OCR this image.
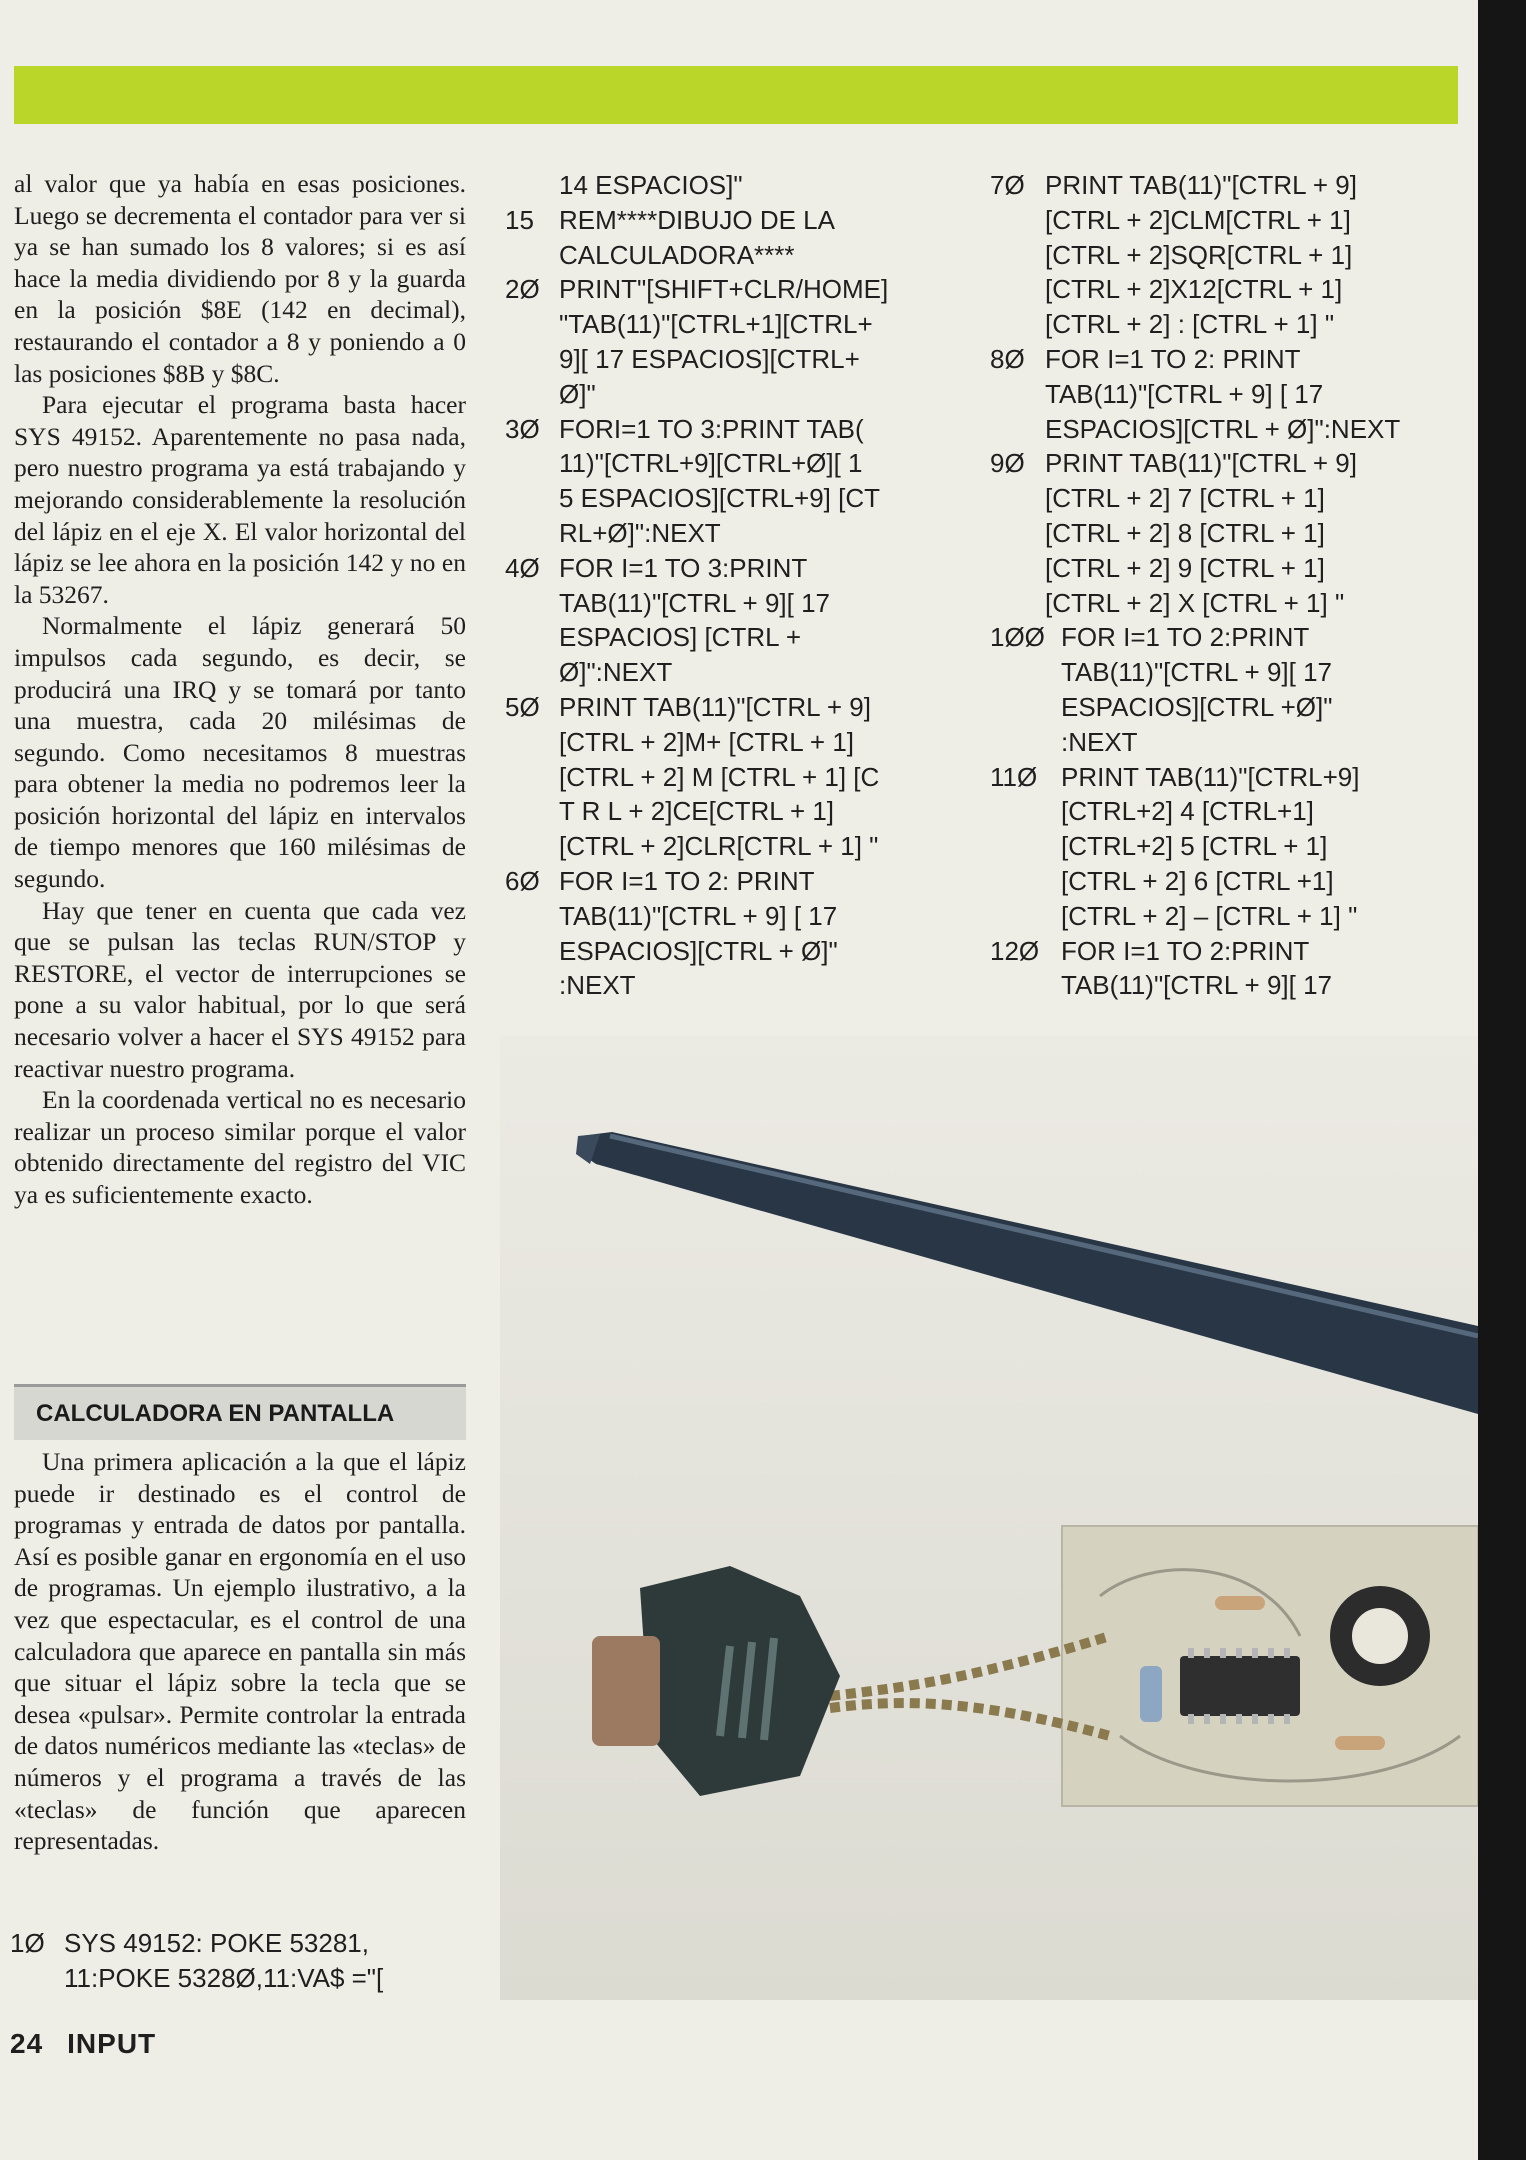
al valor que ya había en esas posiciones. Luego se decrementa el contador para ver si ya se han sumado los 8 valores; si es así hace la media dividiendo por 8 y la guarda en la posición $8E (142 en decimal), restaurando el contador a 8 y poniendo a 0 las posiciones $8B y $8C.

Para ejecutar el programa basta hacer SYS 49152. Aparentemente no pasa nada, pero nuestro programa ya está trabajando y mejorando considerablemente la resolución del lápiz en el eje X. El valor horizontal del lápiz se lee ahora en la posición 142 y no en la 53267.

Normalmente el lápiz generará 50 impulsos cada segundo, es decir, se producirá una IRQ y se tomará por tanto una muestra, cada 20 milésimas de segundo. Como necesitamos 8 muestras para obtener la media no podremos leer la posición horizontal del lápiz en intervalos de tiempo menores que 160 milésimas de segundo.

Hay que tener en cuenta que cada vez que se pulsan las teclas RUN/STOP y RESTORE, el vector de interrupciones se pone a su valor habitual, por lo que será necesario volver a hacer el SYS 49152 para reactivar nuestro programa.

En la coordenada vertical no es necesario realizar un proceso similar porque el valor obtenido directamente del registro del VIC ya es suficientemente exacto.

CALCULADORA EN PANTALLA

Una primera aplicación a la que el lápiz puede ir destinado es el control de programas y entrada de datos por pantalla. Así es posible ganar en ergonomía en el uso de programas. Un ejemplo ilustrativo, a la vez que espectacular, es el control de una calculadora que aparece en pantalla sin más que situar el lápiz sobre la tecla que se desea «pulsar». Permite controlar la entrada de datos numéricos mediante las «teclas» de números y el programa a través de las «teclas» de función que aparecen representadas.

1Ø SYS 49152: POKE 53281,
11:POKE 5328Ø,11:VA$ ="[
14 ESPACIOS]"
15 REM****DIBUJO DE LA
CALCULADORA****
2Ø PRINT"[SHIFT+CLR/HOME]
"TAB(11)"[CTRL+1][CTRL+
9][ 17 ESPACIOS][CTRL+
Ø]"
3Ø FORI=1 TO 3:PRINT TAB(
11)"[CTRL+9][CTRL+Ø][ 1
5 ESPACIOS][CTRL+9] [CT
RL+Ø]":NEXT
4Ø FOR I=1 TO 3:PRINT
TAB(11)"[CTRL + 9][ 17
ESPACIOS] [CTRL +
Ø]":NEXT
5Ø PRINT TAB(11)"[CTRL + 9]
[CTRL + 2]M+ [CTRL + 1]
[CTRL + 2] M [CTRL + 1] [C
T R L + 2]CE[CTRL + 1]
[CTRL + 2]CLR[CTRL + 1] "
6Ø FOR I=1 TO 2: PRINT
TAB(11)"[CTRL + 9] [ 17
ESPACIOS][CTRL + Ø]"
:NEXT
7Ø PRINT TAB(11)"[CTRL + 9]
[CTRL + 2]CLM[CTRL + 1]
[CTRL + 2]SQR[CTRL + 1]
[CTRL + 2]X12[CTRL + 1]
[CTRL + 2] : [CTRL + 1] "
8Ø FOR I=1 TO 2: PRINT
TAB(11)"[CTRL + 9] [ 17
ESPACIOS][CTRL + Ø]":NEXT
9Ø PRINT TAB(11)"[CTRL + 9]
[CTRL + 2] 7 [CTRL + 1]
[CTRL + 2] 8 [CTRL + 1]
[CTRL + 2] 9 [CTRL + 1]
[CTRL + 2] X [CTRL + 1] "
1ØØ FOR I=1 TO 2:PRINT
TAB(11)"[CTRL + 9][ 17
ESPACIOS][CTRL +Ø]"
:NEXT
11Ø PRINT TAB(11)"[CTRL+9]
[CTRL+2] 4 [CTRL+1]
[CTRL+2] 5 [CTRL + 1]
[CTRL + 2] 6 [CTRL +1]
[CTRL + 2] – [CTRL + 1] "
12Ø FOR I=1 TO 2:PRINT
TAB(11)"[CTRL + 9][ 17
24 INPUT
